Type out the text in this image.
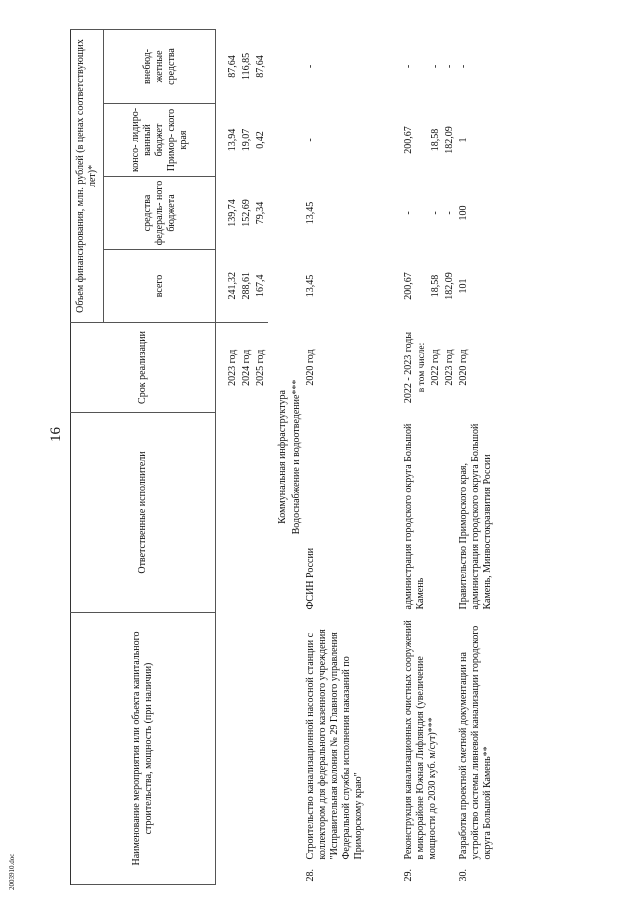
16
2003910.doc
Наименование мероприятия или объекта капитального строительства, мощность (при наличии)		Ответственные исполнители	Срок реализации	Объем финансирования, млн. рублей (в ценах соответствующих лет)*			
				всего	средства федераль- ного бюджета	консо- лидиро- ванный бюджет Примор- ского края	внебюд- жетные средства

			2023 год	241,32	139,74	13,94	87,64
			2024 год	288,61	152,69	19,07	116,85
			2025 год	167,4	79,34	0,42	87,64
Коммунальная инфраструктура							
Водоснабжение и водоотведение***							
28.	Строительство канализационной насосной станции с коллектором для федерального казенного учреждения "Исправительная колония № 29 Главного управления Федеральной службы исполнения наказаний по Приморскому краю"	ФСИН России	2020 год	13,45	13,45	-	-
29.	Реконструкция канализационных очистных сооружений в микрорайоне Южная Лифляндия (увеличение мощности до 2030 куб. м/сут)***	администрация городского округа Большой Камень	2022 - 2023 годы	200,67	-	200,67	-
			в том числе:				
			2022 год	18,58	-	18,58	-
			2023 год	182,09	-	182,09	-
30.	Разработка проектной сметной документации на устройство системы ливневой канализации городского округа Большой Камень**	Правительство Приморского края, администрация городского округа Большой Камень, Минвостокразвития России	2020 год	101	100	1	-
